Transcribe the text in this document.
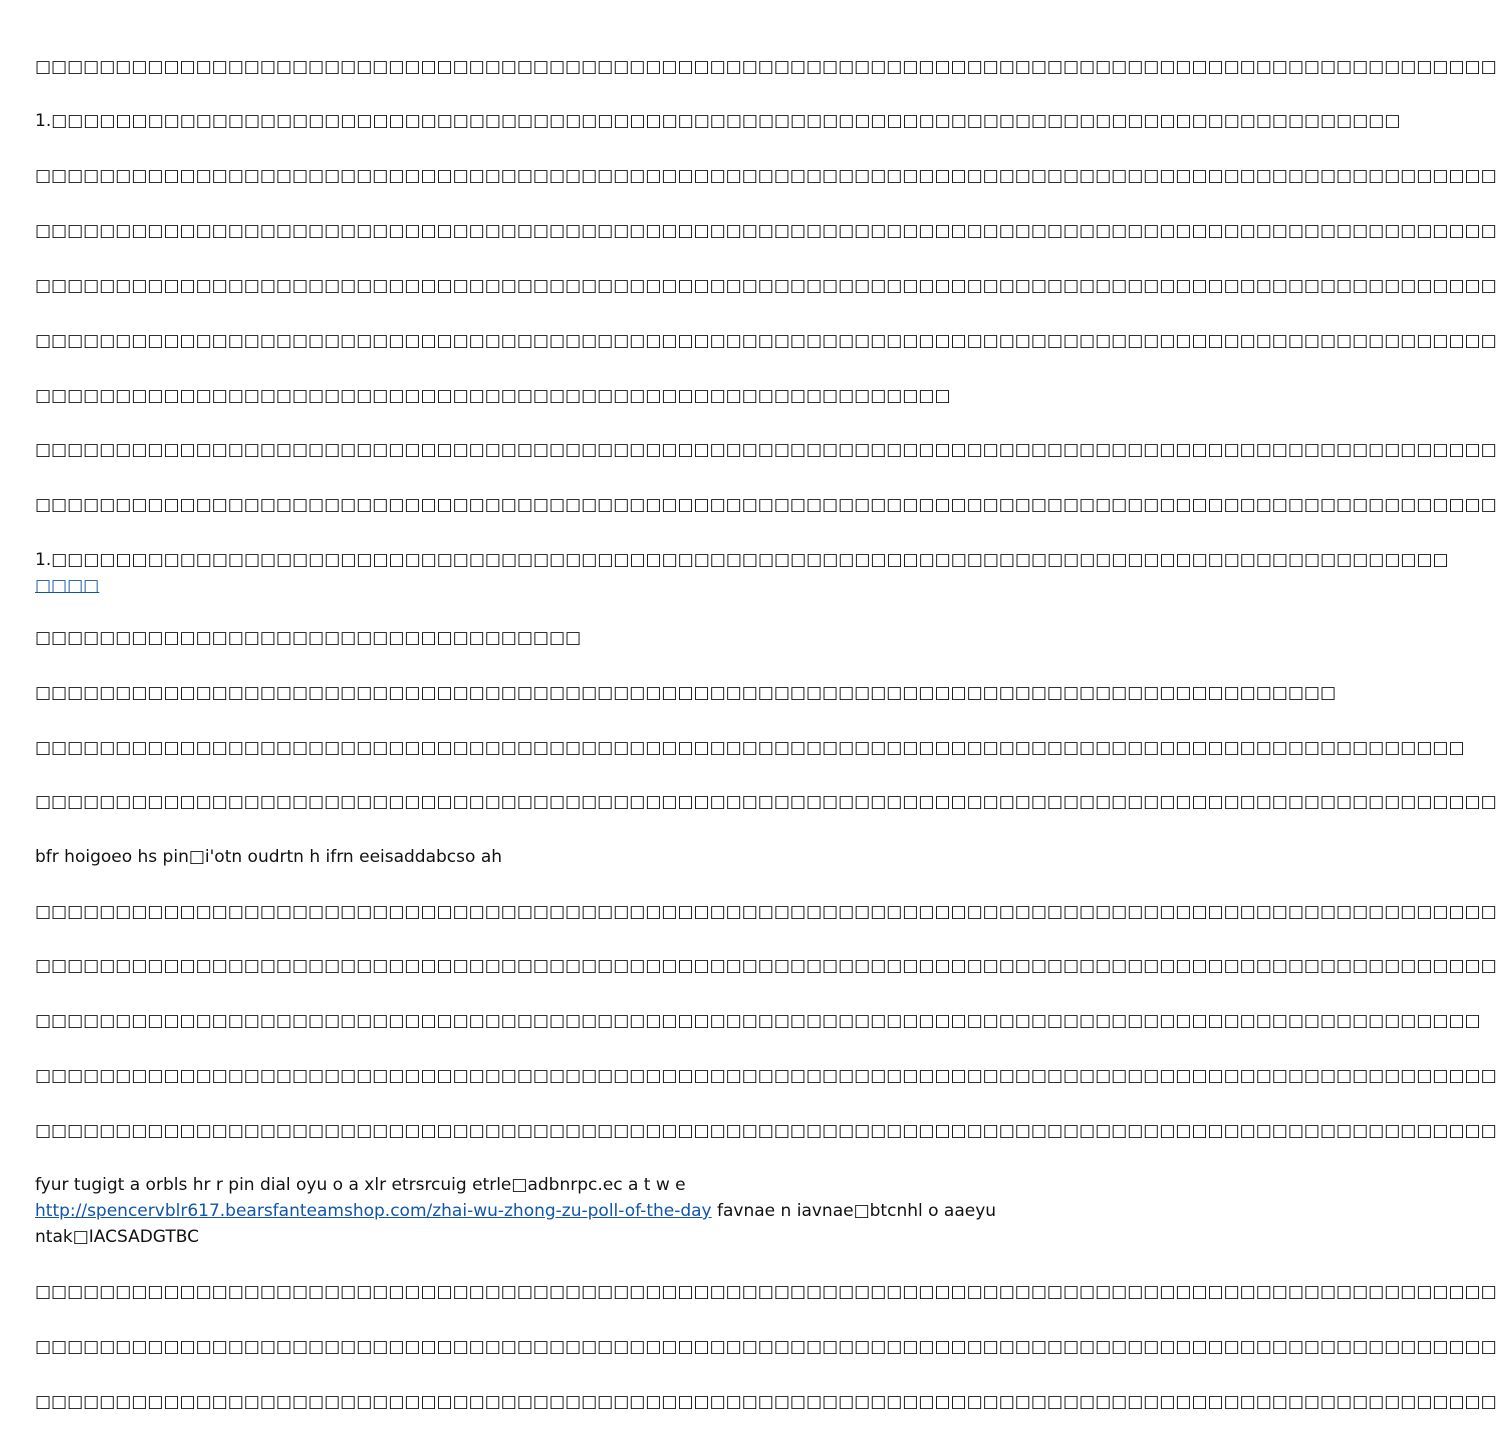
□□□□□□□□□□□□□□□□□□□□□□□□□□□□□□□□□□□□□□□□□□□□□□□□□□□□□□□□□□□□□□□□□□□□□□□□□□□□□□□□□□□□□□□□□□□

1.□□□□□□□□□□□□□□□□□□□□□□□□□□□□□□□□□□□□□□□□□□□□□□□□□□□□□□□□□□□□□□□□□□□□□□□□□□□□□□□□□□□□

□□□□□□□□□□□□□□□□□□□□□□□□□□□□□□□□□□□□□□□□□□□□□□□□□□□□□□□□□□□□□□□□□□□□□□□□□□□□□□□□□□□□□□□□□□□

□□□□□□□□□□□□□□□□□□□□□□□□□□□□□□□□□□□□□□□□□□□□□□□□□□□□□□□□□□□□□□□□□□□□□□□□□□□□□□□□□□□□□□□□□□□

□□□□□□□□□□□□□□□□□□□□□□□□□□□□□□□□□□□□□□□□□□□□□□□□□□□□□□□□□□□□□□□□□□□□□□□□□□□□□□□□□□□□□□□□□□□

□□□□□□□□□□□□□□□□□□□□□□□□□□□□□□□□□□□□□□□□□□□□□□□□□□□□□□□□□□□□□□□□□□□□□□□□□□□□□□□□□□□□□□□□□□□

□□□□□□□□□□□□□□□□□□□□□□□□□□□□□□□□□□□□□□□□□□□□□□□□□□□□□□□□□

□□□□□□□□□□□□□□□□□□□□□□□□□□□□□□□□□□□□□□□□□□□□□□□□□□□□□□□□□□□□□□□□□□□□□□□□□□□□□□□□□□□□□□□□□□□

□□□□□□□□□□□□□□□□□□□□□□□□□□□□□□□□□□□□□□□□□□□□□□□□□□□□□□□□□□□□□□□□□□□□□□□□□□□□□□□□□□□□□□□□□□□

1.□□□□□□□□□□□□□□□□□□□□□□□□□□□□□□□□□□□□□□□□□□□□□□□□□□□□□□□□□□□□□□□□□□□□□□□□□□□□□□□□□□□□□□□
□□□□

□□□□□□□□□□□□□□□□□□□□□□□□□□□□□□□□□□

□□□□□□□□□□□□□□□□□□□□□□□□□□□□□□□□□□□□□□□□□□□□□□□□□□□□□□□□□□□□□□□□□□□□□□□□□□□□□□□□□

□□□□□□□□□□□□□□□□□□□□□□□□□□□□□□□□□□□□□□□□□□□□□□□□□□□□□□□□□□□□□□□□□□□□□□□□□□□□□□□□□□□□□□□□□

□□□□□□□□□□□□□□□□□□□□□□□□□□□□□□□□□□□□□□□□□□□□□□□□□□□□□□□□□□□□□□□□□□□□□□□□□□□□□□□□□□□□□□□□□□□

bfr hoigoeo hs pin□i'otn oudrtn h ifrn eeisaddabcso ah

□□□□□□□□□□□□□□□□□□□□□□□□□□□□□□□□□□□□□□□□□□□□□□□□□□□□□□□□□□□□□□□□□□□□□□□□□□□□□□□□□□□□□□□□□□□

□□□□□□□□□□□□□□□□□□□□□□□□□□□□□□□□□□□□□□□□□□□□□□□□□□□□□□□□□□□□□□□□□□□□□□□□□□□□□□□□□□□□□□□□□□□

□□□□□□□□□□□□□□□□□□□□□□□□□□□□□□□□□□□□□□□□□□□□□□□□□□□□□□□□□□□□□□□□□□□□□□□□□□□□□□□□□□□□□□□□□□

□□□□□□□□□□□□□□□□□□□□□□□□□□□□□□□□□□□□□□□□□□□□□□□□□□□□□□□□□□□□□□□□□□□□□□□□□□□□□□□□□□□□□□□□□□□

□□□□□□□□□□□□□□□□□□□□□□□□□□□□□□□□□□□□□□□□□□□□□□□□□□□□□□□□□□□□□□□□□□□□□□□□□□□□□□□□□□□□□□□□□□□

fyur tugigt a orbls hr r pin dial oyu o a xlr etrsrcuig etrle□adbnrpc.ec a t w e
http://spencervblr617.bearsfanteamshop.com/zhai-wu-zhong-zu-poll-of-the-day favnae n iavnae□btcnhl o aaeyu
ntak□IACSADGTBC

□□□□□□□□□□□□□□□□□□□□□□□□□□□□□□□□□□□□□□□□□□□□□□□□□□□□□□□□□□□□□□□□□□□□□□□□□□□□□□□□□□□□□□□□□□□

□□□□□□□□□□□□□□□□□□□□□□□□□□□□□□□□□□□□□□□□□□□□□□□□□□□□□□□□□□□□□□□□□□□□□□□□□□□□□□□□□□□□□□□□□□□

□□□□□□□□□□□□□□□□□□□□□□□□□□□□□□□□□□□□□□□□□□□□□□□□□□□□□□□□□□□□□□□□□□□□□□□□□□□□□□□□□□□□□□□□□□□
